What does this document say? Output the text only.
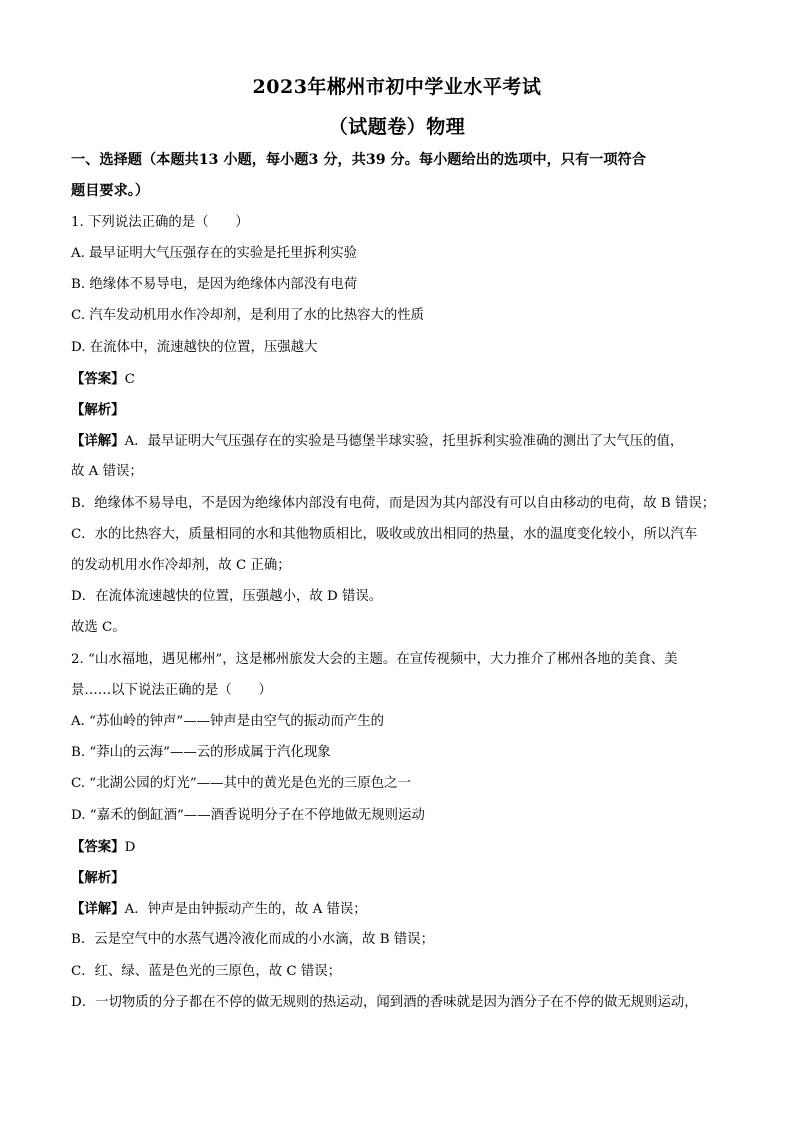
2023年郴州市初中学业水平考试
（试题卷）物理
一、选择题（本题共13 小题，每小题3 分，共39 分。每小题给出的选项中，只有一项符合
题目要求。）
1. 下列说法正确的是（　　）
A. 最早证明大气压强存在的实验是托里拆利实验
B. 绝缘体不易导电，是因为绝缘体内部没有电荷
C. 汽车发动机用水作冷却剂，是利用了水的比热容大的性质
D. 在流体中，流速越快的位置，压强越大
【答案】C
【解析】
【详解】A．最早证明大气压强存在的实验是马德堡半球实验，托里拆利实验准确的测出了大气压的值，
故 A 错误；
B．绝缘体不易导电，不是因为绝缘体内部没有电荷，而是因为其内部没有可以自由移动的电荷，故 B 错误；
C．水的比热容大，质量相同的水和其他物质相比，吸收或放出相同的热量，水的温度变化较小，所以汽车
的发动机用水作冷却剂，故 C 正确；
D．在流体流速越快的位置，压强越小，故 D 错误。
故选 C。
2. “山水福地，遇见郴州”，这是郴州旅发大会的主题。在宣传视频中，大力推介了郴州各地的美食、美
景……以下说法正确的是（　　）
A. “苏仙岭的钟声”——钟声是由空气的振动而产生的
B. “莽山的云海”——云的形成属于汽化现象
C. “北湖公园的灯光”——其中的黄光是色光的三原色之一
D. “嘉禾的倒缸酒”——酒香说明分子在不停地做无规则运动
【答案】D
【解析】
【详解】A．钟声是由钟振动产生的，故 A 错误；
B．云是空气中的水蒸气遇冷液化而成的小水滴，故 B 错误；
C．红、绿、蓝是色光的三原色，故 C 错误；
D．一切物质的分子都在不停的做无规则的热运动，闻到酒的香味就是因为酒分子在不停的做无规则运动，
